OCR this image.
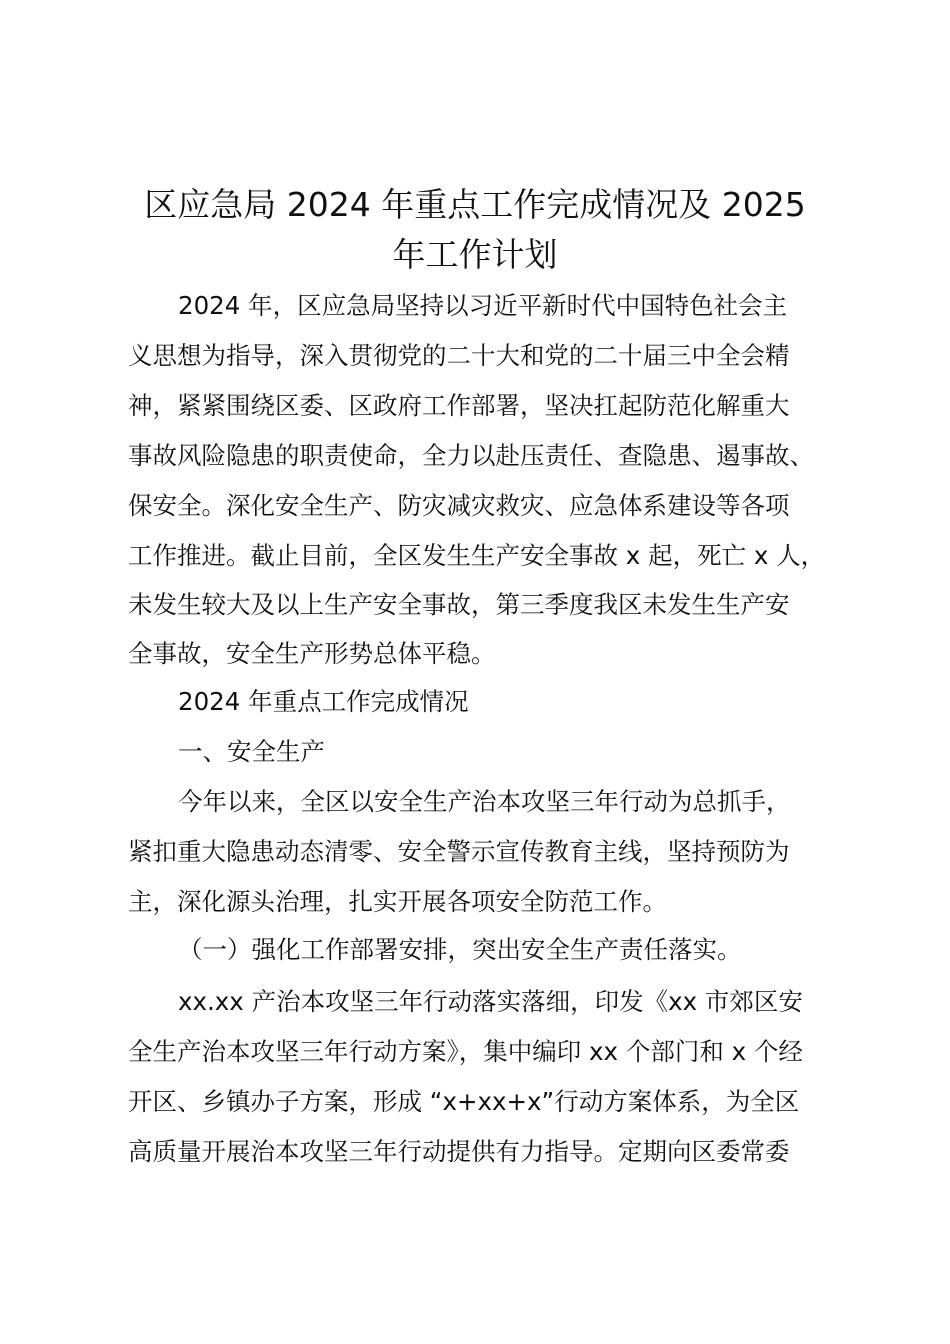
区应急局 2024 年重点工作完成情况及 2025
年工作计划
2024 年，区应急局坚持以习近平新时代中国特色社会主
义思想为指导，深入贯彻党的二十大和党的二十届三中全会精
神，紧紧围绕区委、区政府工作部署，坚决扛起防范化解重大
事故风险隐患的职责使命，全力以赴压责任、查隐患、遏事故、
保安全。深化安全生产、防灾减灾救灾、应急体系建设等各项
工作推进。截止目前，全区发生生产安全事故 x 起，死亡 x 人，
未发生较大及以上生产安全事故，第三季度我区未发生生产安
全事故，安全生产形势总体平稳。
2024 年重点工作完成情况
一、安全生产
今年以来，全区以安全生产治本攻坚三年行动为总抓手，
紧扣重大隐患动态清零、安全警示宣传教育主线，坚持预防为
主，深化源头治理，扎实开展各项安全防范工作。
（一）强化工作部署安排，突出安全生产责任落实。
xx.xx 产治本攻坚三年行动落实落细，印发《xx 市郊区安
全生产治本攻坚三年行动方案》，集中编印 xx 个部门和 x 个经
开区、乡镇办子方案，形成 “x+xx+x”行动方案体系，为全区
高质量开展治本攻坚三年行动提供有力指导。定期向区委常委
